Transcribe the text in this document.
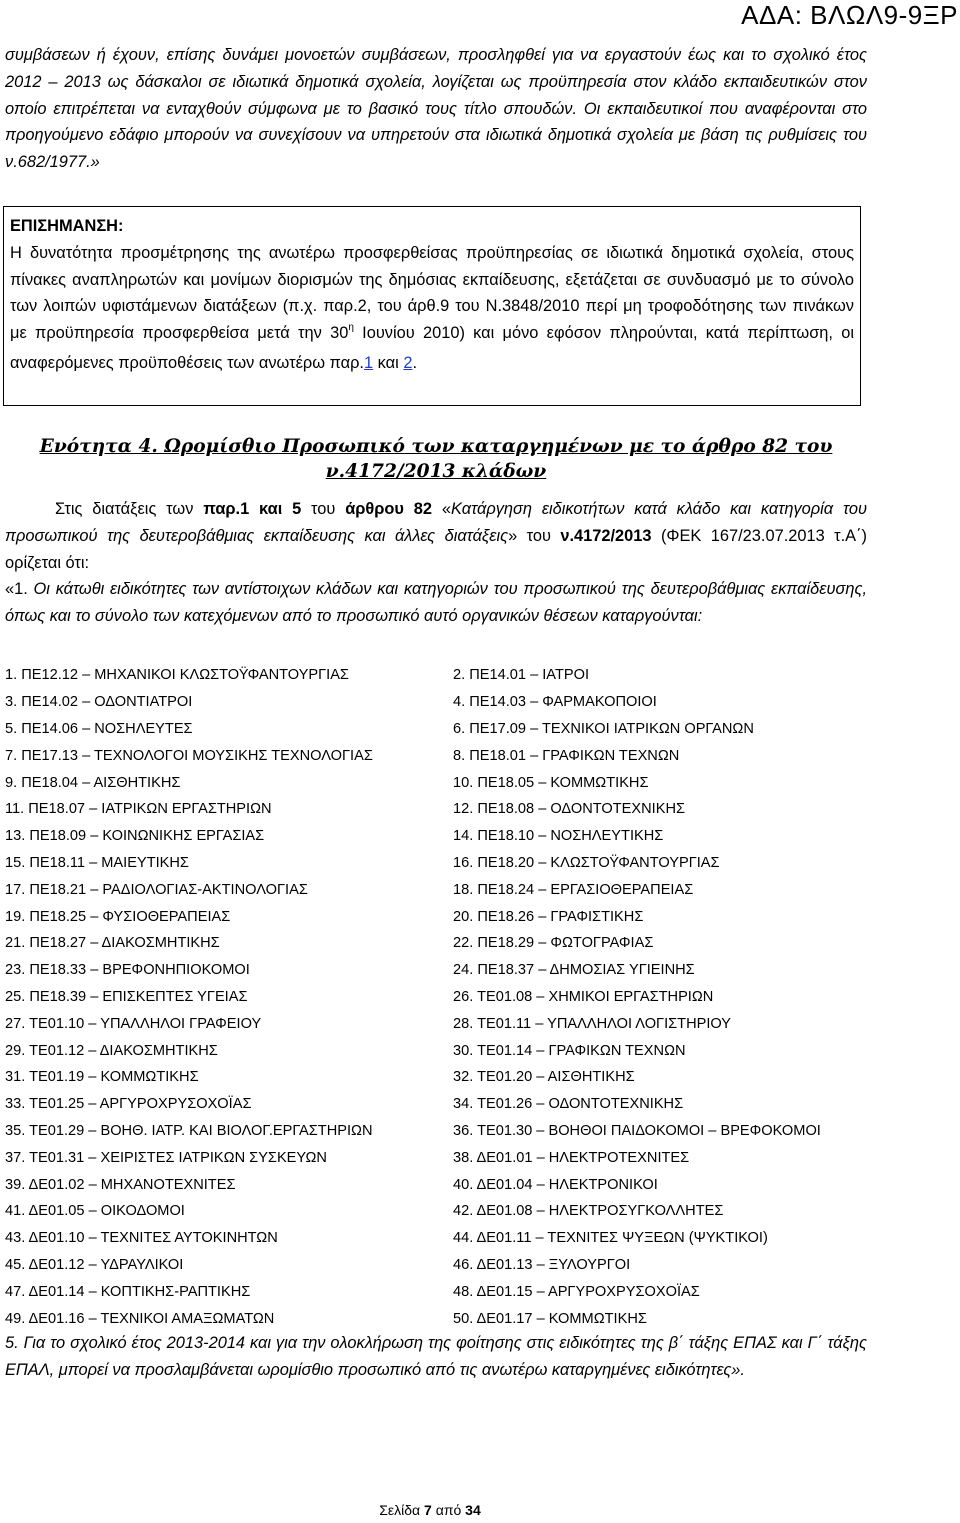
ΑΔΑ: ΒΛΩΛ9-9ΞΡ
συμβάσεων ή έχουν, επίσης δυνάμει μονοετών συμβάσεων, προσληφθεί για να εργαστούν έως και το σχολικό έτος 2012 – 2013 ως δάσκαλοι σε ιδιωτικά δημοτικά σχολεία, λογίζεται ως προϋπηρεσία στον κλάδο εκπαιδευτικών στον οποίο επιτρέπεται να ενταχθούν σύμφωνα με το βασικό τους τίτλο σπουδών. Οι εκπαιδευτικοί που αναφέρονται στο προηγούμενο εδάφιο μπορούν να συνεχίσουν να υπηρετούν στα ιδιωτικά δημοτικά σχολεία με βάση τις ρυθμίσεις του ν.682/1977.»
ΕΠΙΣΗΜΑΝΣΗ:
Η δυνατότητα προσμέτρησης της ανωτέρω προσφερθείσας προϋπηρεσίας σε ιδιωτικά δημοτικά σχολεία, στους πίνακες αναπληρωτών και μονίμων διορισμών της δημόσιας εκπαίδευσης, εξετάζεται σε συνδυασμό με το σύνολο των λοιπών υφιστάμενων διατάξεων (π.χ. παρ.2, του άρθ.9 του Ν.3848/2010 περί μη τροφοδότησης των πινάκων με προϋπηρεσία προσφερθείσα μετά την $30^\eta$ Ιουνίου 2010) και μόνο εφόσον πληρούνται, κατά περίπτωση, οι αναφερόμενες προϋποθέσεις των ανωτέρω παρ.1 και 2.
Ενότητα 4. Ωρομίσθιο Προσωπικό των καταργημένων με το άρθρο 82 του
ν.4172/2013 κλάδων

Στις διατάξεις των παρ.1 και 5 του άρθρου 82 «Κατάργηση ειδικοτήτων κατά κλάδο και κατηγορία του προσωπικού της δευτεροβάθμιας εκπαίδευσης και άλλες διατάξεις» του ν.4172/2013 (ΦΕΚ 167/23.07.2013 τ.Α΄) ορίζεται ότι:

«1. Οι κάτωθι ειδικότητες των αντίστοιχων κλάδων και κατηγοριών του προσωπικού της δευτεροβάθμιας εκπαίδευσης, όπως και το σύνολο των κατεχόμενων από το προσωπικό αυτό οργανικών θέσεων καταργούνται:

1. ΠΕ12.12 – ΜΗΧΑΝΙΚΟΙ ΚΛΩΣΤΟΫΦΑΝΤΟΥΡΓΙΑΣ	2. ΠΕ14.01 – ΙΑΤΡΟΙ
3. ΠΕ14.02 – ΟΔΟΝΤΙΑΤΡΟΙ	4. ΠΕ14.03 – ΦΑΡΜΑΚΟΠΟΙΟΙ
5. ΠΕ14.06 – ΝΟΣΗΛΕΥΤΕΣ	6. ΠΕ17.09 – ΤΕΧΝΙΚΟΙ ΙΑΤΡΙΚΩΝ ΟΡΓΑΝΩΝ
7. ΠΕ17.13 – ΤΕΧΝΟΛΟΓΟΙ ΜΟΥΣΙΚΗΣ ΤΕΧΝΟΛΟΓΙΑΣ	8. ΠΕ18.01 – ΓΡΑΦΙΚΩΝ ΤΕΧΝΩΝ
9. ΠΕ18.04 – ΑΙΣΘΗΤΙΚΗΣ	10. ΠΕ18.05 – ΚΟΜΜΩΤΙΚΗΣ
11. ΠΕ18.07 – ΙΑΤΡΙΚΩΝ ΕΡΓΑΣΤΗΡΙΩΝ	12. ΠΕ18.08 – ΟΔΟΝΤΟΤΕΧΝΙΚΗΣ
13. ΠΕ18.09 – ΚΟΙΝΩΝΙΚΗΣ ΕΡΓΑΣΙΑΣ	14. ΠΕ18.10 – ΝΟΣΗΛΕΥΤΙΚΗΣ
15. ΠΕ18.11 – ΜΑΙΕΥΤΙΚΗΣ	16. ΠΕ18.20 – ΚΛΩΣΤΟΫΦΑΝΤΟΥΡΓΙΑΣ
17. ΠΕ18.21 – ΡΑΔΙΟΛΟΓΙΑΣ-ΑΚΤΙΝΟΛΟΓΙΑΣ	18. ΠΕ18.24 – ΕΡΓΑΣΙΟΘΕΡΑΠΕΙΑΣ
19. ΠΕ18.25 – ΦΥΣΙΟΘΕΡΑΠΕΙΑΣ	20. ΠΕ18.26 – ΓΡΑΦΙΣΤΙΚΗΣ
21. ΠΕ18.27 – ΔΙΑΚΟΣΜΗΤΙΚΗΣ	22. ΠΕ18.29 – ΦΩΤΟΓΡΑΦΙΑΣ
23. ΠΕ18.33 – ΒΡΕΦΟΝΗΠΙΟΚΟΜΟΙ	24. ΠΕ18.37 – ΔΗΜΟΣΙΑΣ ΥΓΙΕΙΝΗΣ
25. ΠΕ18.39 – ΕΠΙΣΚΕΠΤΕΣ ΥΓΕΙΑΣ	26. ΤΕ01.08 – ΧΗΜΙΚΟΙ ΕΡΓΑΣΤΗΡΙΩΝ
27. ΤΕ01.10 – ΥΠΑΛΛΗΛΟΙ ΓΡΑΦΕΙΟΥ	28. ΤΕ01.11 – ΥΠΑΛΛΗΛΟΙ ΛΟΓΙΣΤΗΡΙΟΥ
29. ΤΕ01.12 – ΔΙΑΚΟΣΜΗΤΙΚΗΣ	30. ΤΕ01.14 – ΓΡΑΦΙΚΩΝ ΤΕΧΝΩΝ
31. ΤΕ01.19 – ΚΟΜΜΩΤΙΚΗΣ	32. ΤΕ01.20 – ΑΙΣΘΗΤΙΚΗΣ
33. ΤΕ01.25 – ΑΡΓΥΡΟΧΡΥΣΟΧΟΪΑΣ	34. ΤΕ01.26 – ΟΔΟΝΤΟΤΕΧΝΙΚΗΣ
35. ΤΕ01.29 – ΒΟΗΘ. ΙΑΤΡ. ΚΑΙ ΒΙΟΛΟΓ.ΕΡΓΑΣΤΗΡΙΩΝ	36. ΤΕ01.30 – ΒΟΗΘΟΙ ΠΑΙΔΟΚΟΜΟΙ – ΒΡΕΦΟΚΟΜΟΙ
37. ΤΕ01.31 – ΧΕΙΡΙΣΤΕΣ ΙΑΤΡΙΚΩΝ ΣΥΣΚΕΥΩΝ	38. ΔΕ01.01 – ΗΛΕΚΤΡΟΤΕΧΝΙΤΕΣ
39. ΔΕ01.02 – ΜΗΧΑΝΟΤΕΧΝΙΤΕΣ	40. ΔΕ01.04 – ΗΛΕΚΤΡΟΝΙΚΟΙ
41. ΔΕ01.05 – ΟΙΚΟΔΟΜΟΙ	42. ΔΕ01.08 – ΗΛΕΚΤΡΟΣΥΓΚΟΛΛΗΤΕΣ
43. ΔΕ01.10 – ΤΕΧΝΙΤΕΣ ΑΥΤΟΚΙΝΗΤΩΝ	44. ΔΕ01.11 – ΤΕΧΝΙΤΕΣ ΨΥΞΕΩΝ (ΨΥΚΤΙΚΟΙ)
45. ΔΕ01.12 – ΥΔΡΑΥΛΙΚΟΙ	46. ΔΕ01.13 – ΞΥΛΟΥΡΓΟΙ
47. ΔΕ01.14 – ΚΟΠΤΙΚΗΣ-ΡΑΠΤΙΚΗΣ	48. ΔΕ01.15 – ΑΡΓΥΡΟΧΡΥΣΟΧΟΪΑΣ
49. ΔΕ01.16 – ΤΕΧΝΙΚΟΙ ΑΜΑΞΩΜΑΤΩΝ	50. ΔΕ01.17 – ΚΟΜΜΩΤΙΚΗΣ
5. Για το σχολικό έτος 2013-2014 και για την ολοκλήρωση της φοίτησης στις ειδικότητες της β΄ τάξης ΕΠΑΣ και Γ΄ τάξης ΕΠΑΛ, μπορεί να προσλαμβάνεται ωρομίσθιο προσωπικό από τις ανωτέρω καταργημένες ειδικότητες».
Σελίδα 7 από 34
